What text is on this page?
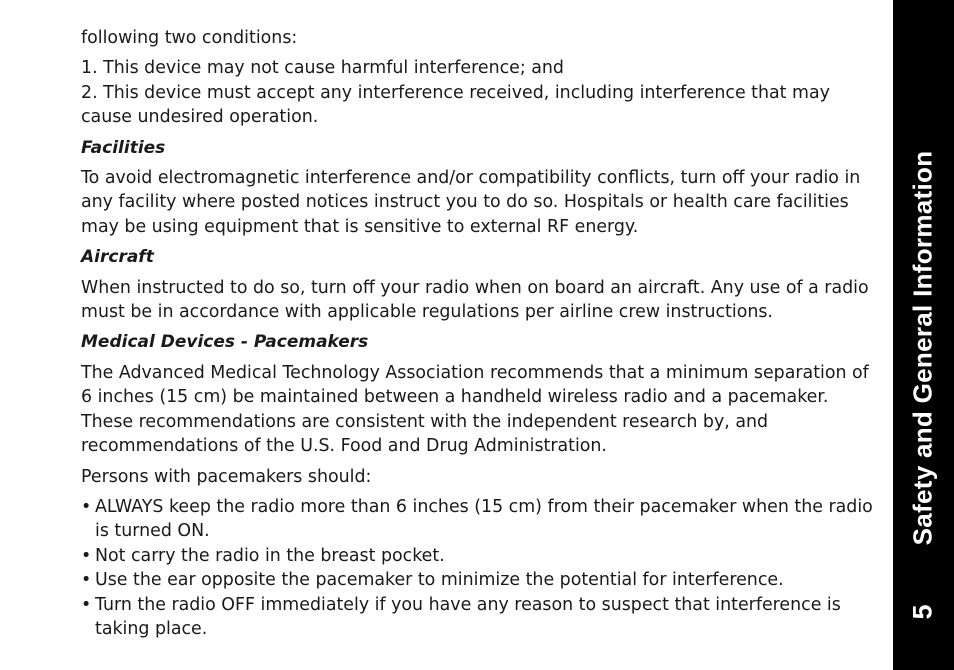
following two conditions:

1. This device may not cause harmful interference; and

2. This device must accept any interference received, including interference that may cause undesired operation.

Facilities

To avoid electromagnetic interference and/or compatibility conflicts, turn off your radio in any facility where posted notices instruct you to do so. Hospitals or health care facilities may be using equipment that is sensitive to external RF energy.

Aircraft

When instructed to do so, turn off your radio when on board an aircraft. Any use of a radio must be in accordance with applicable regulations per airline crew instructions.

Medical Devices - Pacemakers

The Advanced Medical Technology Association recommends that a minimum separation of 6 inches (15 cm) be maintained between a handheld wireless radio and a pacemaker. These recommendations are consistent with the independent research by, and recommendations of the U.S. Food and Drug Administration.

Persons with pacemakers should:

• ALWAYS keep the radio more than 6 inches (15 cm) from their pacemaker when the radio is turned ON.
• Not carry the radio in the breast pocket.
• Use the ear opposite the pacemaker to minimize the potential for interference.
• Turn the radio OFF immediately if you have any reason to suspect that interference is taking place.
Safety and General Information
5
